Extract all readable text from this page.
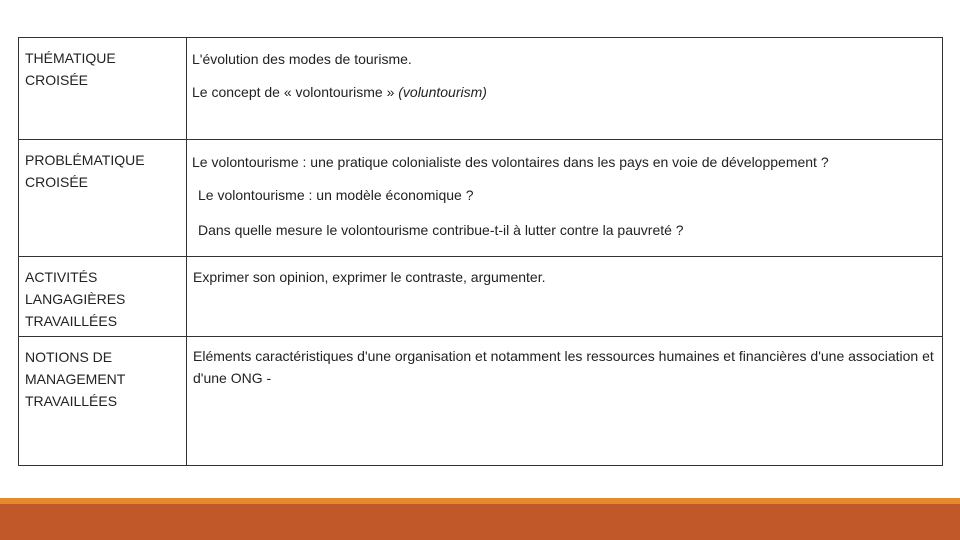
THÉMATIQUE CROISÉE
L'évolution des modes de tourisme.
Le concept de « volontourisme » (voluntourism)
PROBLÉMATIQUE CROISÉE
Le volontourisme : une pratique colonialiste des volontaires dans les pays en voie de développement ?
Le volontourisme : un modèle économique ?
Dans quelle mesure le volontourisme contribue-t-il à lutter contre la pauvreté ?
ACTIVITÉS LANGAGIÈRES TRAVAILLÉES
Exprimer son opinion, exprimer le contraste, argumenter.
NOTIONS DE MANAGEMENT TRAVAILLÉES
Eléments caractéristiques d'une organisation et notamment les ressources humaines et financières d'une association et d'une ONG -
